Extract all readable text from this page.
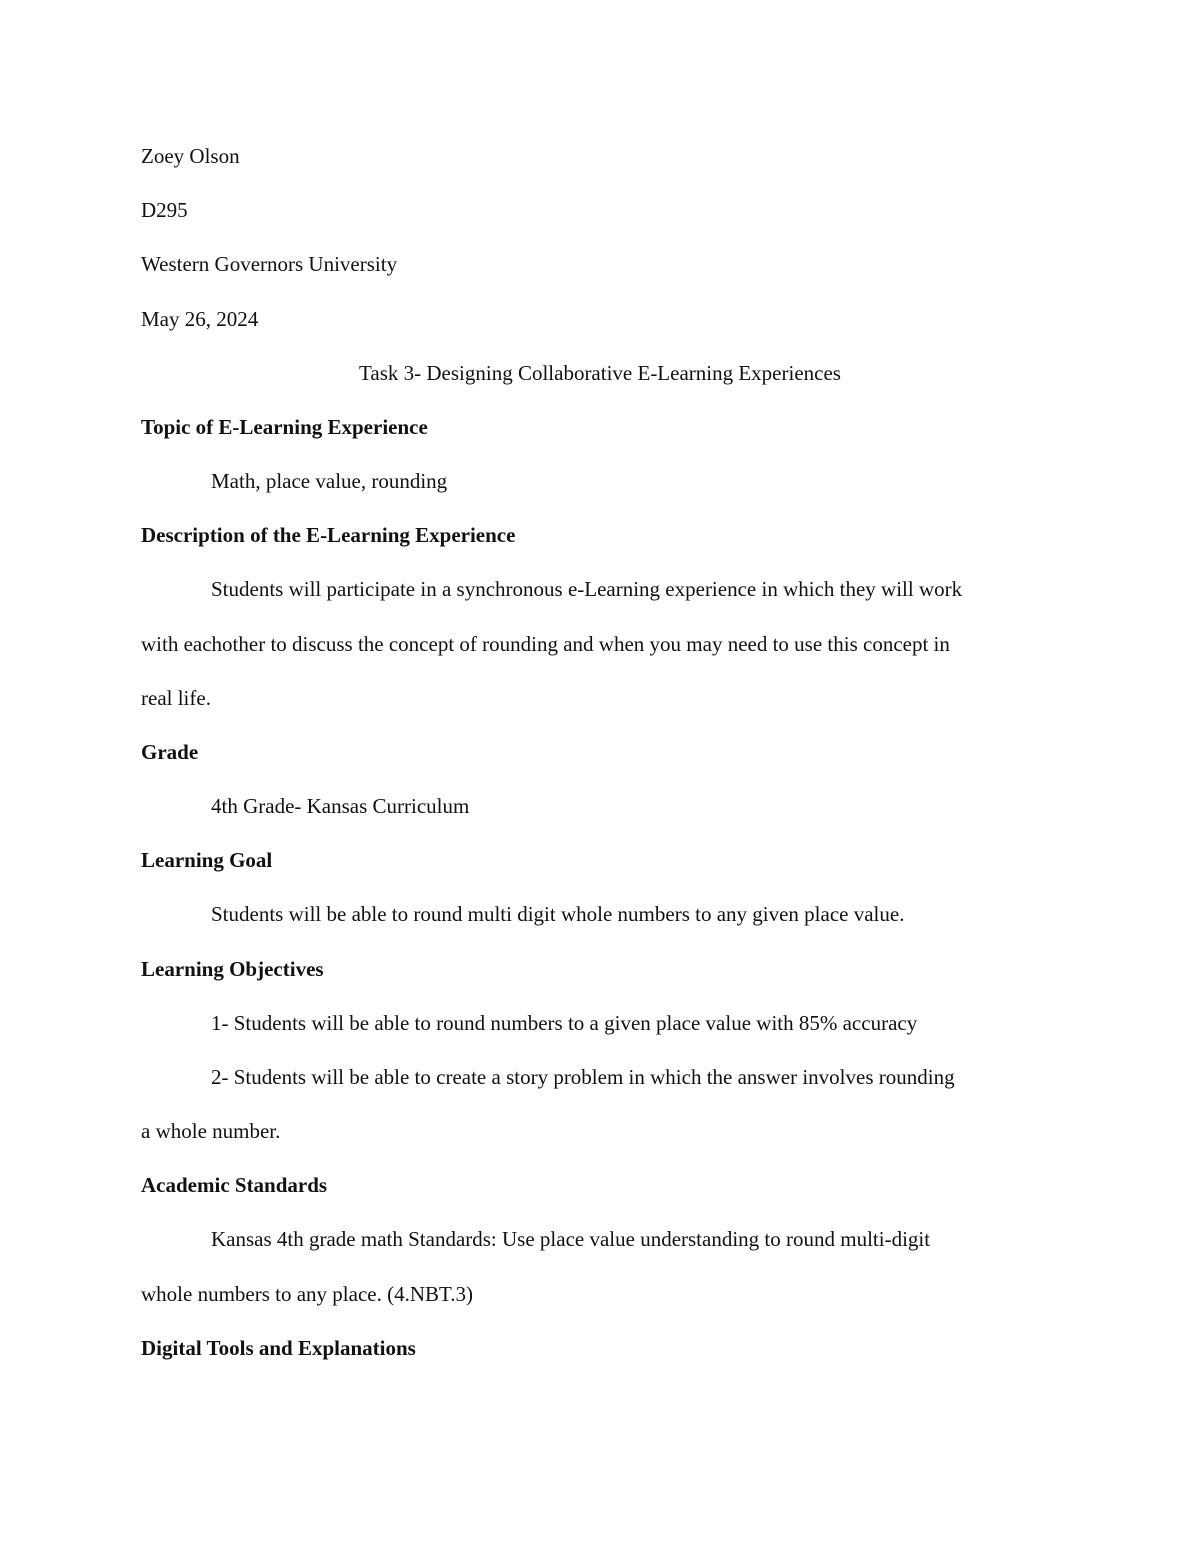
Zoey Olson
D295
Western Governors University
May 26, 2024
Task 3- Designing Collaborative E-Learning Experiences
Topic of E-Learning Experience
Math, place value, rounding
Description of the E-Learning Experience
Students will participate in a synchronous e-Learning experience in which they will work
with eachother to discuss the concept of rounding and when you may need to use this concept in
real life.
Grade
4th Grade- Kansas Curriculum
Learning Goal
Students will be able to round multi digit whole numbers to any given place value.
Learning Objectives
1- Students will be able to round numbers to a given place value with 85% accuracy
2- Students will be able to create a story problem in which the answer involves rounding
a whole number.
Academic Standards
Kansas 4th grade math Standards: Use place value understanding to round multi-digit
whole numbers to any place. (4.NBT.3)
Digital Tools and Explanations
